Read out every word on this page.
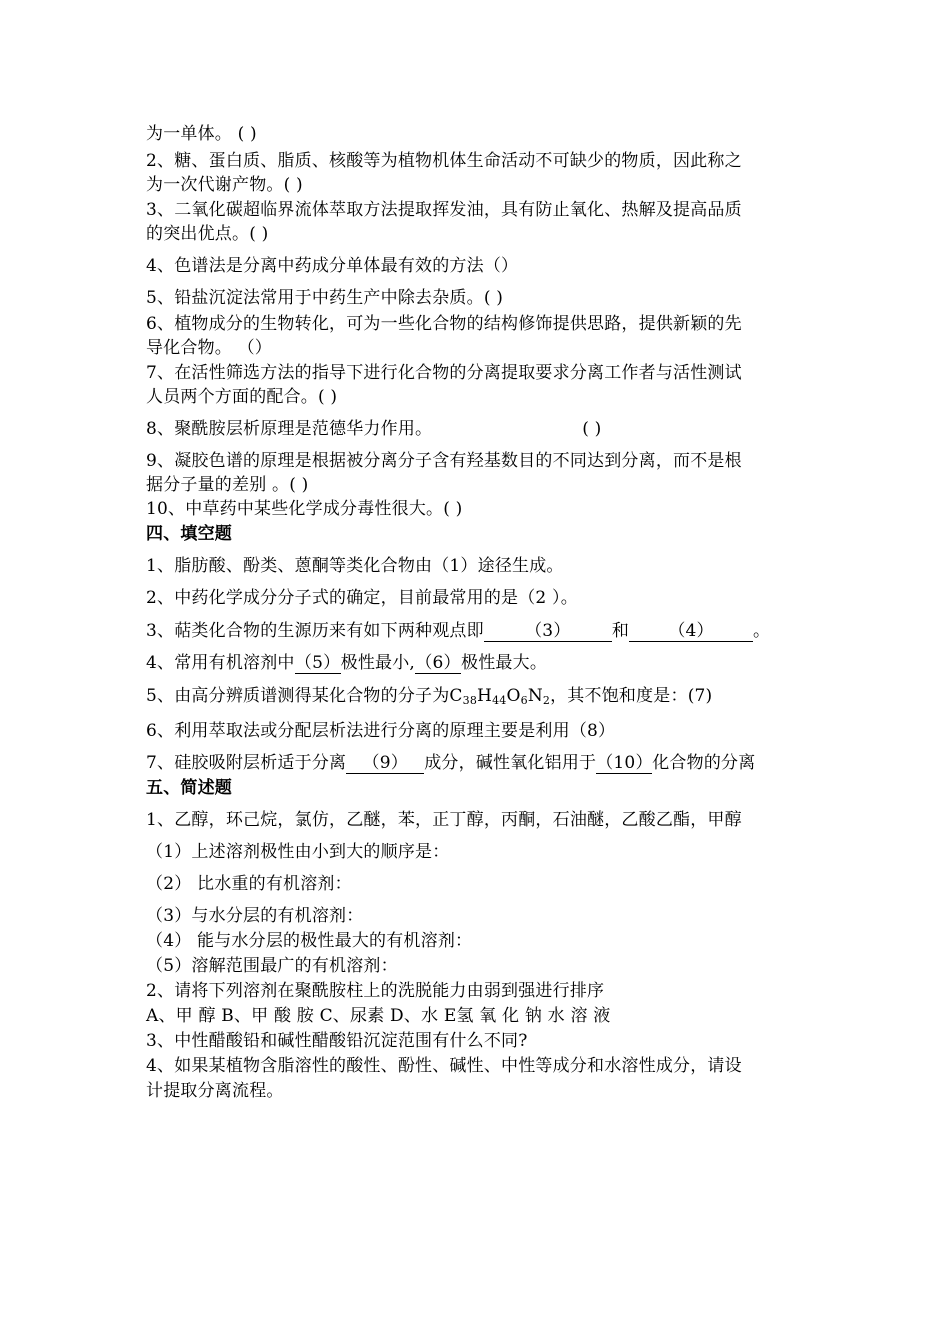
为一单体。 ( )
2、糖、蛋白质、脂质、核酸等为植物机体生命活动不可缺少的物质，因此称之
为一次代谢产物。( )
3、二氧化碳超临界流体萃取方法提取挥发油，具有防止氧化、热解及提高品质
的突出优点。( )
4、色谱法是分离中药成分单体最有效的方法（）
5、铅盐沉淀法常用于中药生产中除去杂质。( )
6、植物成分的生物转化，可为一些化合物的结构修饰提供思路，提供新颖的先
导化合物。 （）
7、在活性筛选方法的指导下进行化合物的分离提取要求分离工作者与活性测试
人员两个方面的配合。( )
8、聚酰胺层析原理是范德华力作用。	( )
9、凝胶色谱的原理是根据被分离分子含有羟基数目的不同达到分离，而不是根
据分子量的差别 。( )
10、中草药中某些化学成分毒性很大。( )
四、填空题
1、脂肪酸、酚类、蒽酮等类化合物由（1）途径生成。
2、中药化学成分分子式的确定，目前最常用的是（2 ）。
3、萜类化合物的生源历来有如下两种观点即 （3） 和 （4） 。
4、常用有机溶剂中（5）极性最小,（6）极性最大。
5、由高分辨质谱测得某化合物的分子为$C_{38}H_{44}O_6N_2$，其不饱和度是：(7)
6、利用萃取法或分配层析法进行分离的原理主要是利用（8）
7、硅胶吸附层析适于分离 （9） 成分，碱性氧化铝用于（10）化合物的分离
五、简述题
1、乙醇，环己烷，氯仿，乙醚，苯，正丁醇，丙酮，石油醚，乙酸乙酯，甲醇
（1）上述溶剂极性由小到大的顺序是：
（2） 比水重的有机溶剂：
（3）与水分层的有机溶剂：
（4） 能与水分层的极性最大的有机溶剂：
（5）溶解范围最广的有机溶剂：
2、请将下列溶剂在聚酰胺柱上的洗脱能力由弱到强进行排序
A、甲 醇 B、甲 酸 胺 C、尿素 D、水 E氢 氧 化 钠 水 溶 液
3、中性醋酸铅和碱性醋酸铅沉淀范围有什么不同?
4、如果某植物含脂溶性的酸性、酚性、碱性、中性等成分和水溶性成分，请设
计提取分离流程。
